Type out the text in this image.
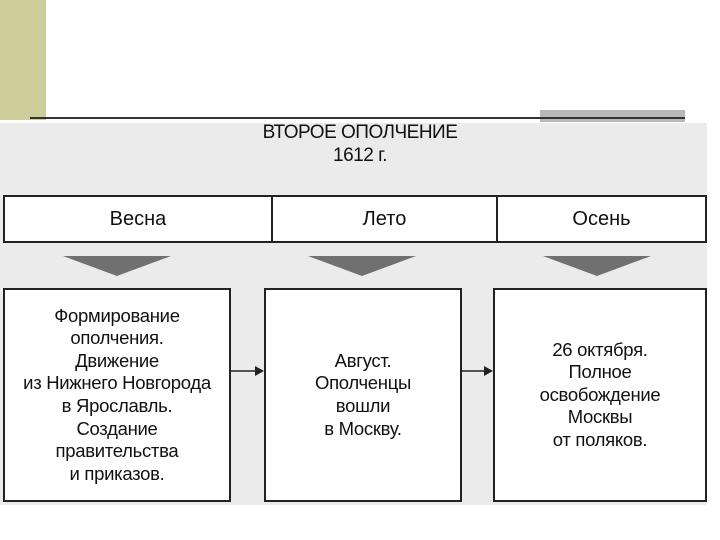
ВТОРОЕ ОПОЛЧЕНИЕ
1612 г.
Весна	Лето	Осень
Формирование
ополчения.
Движение
из Нижнего Новгорода
в Ярославль.
Создание
правительства
и приказов.
Август.
Ополченцы
вошли
в Москву.
26 октября.
Полное
освобождение
Москвы
от поляков.
